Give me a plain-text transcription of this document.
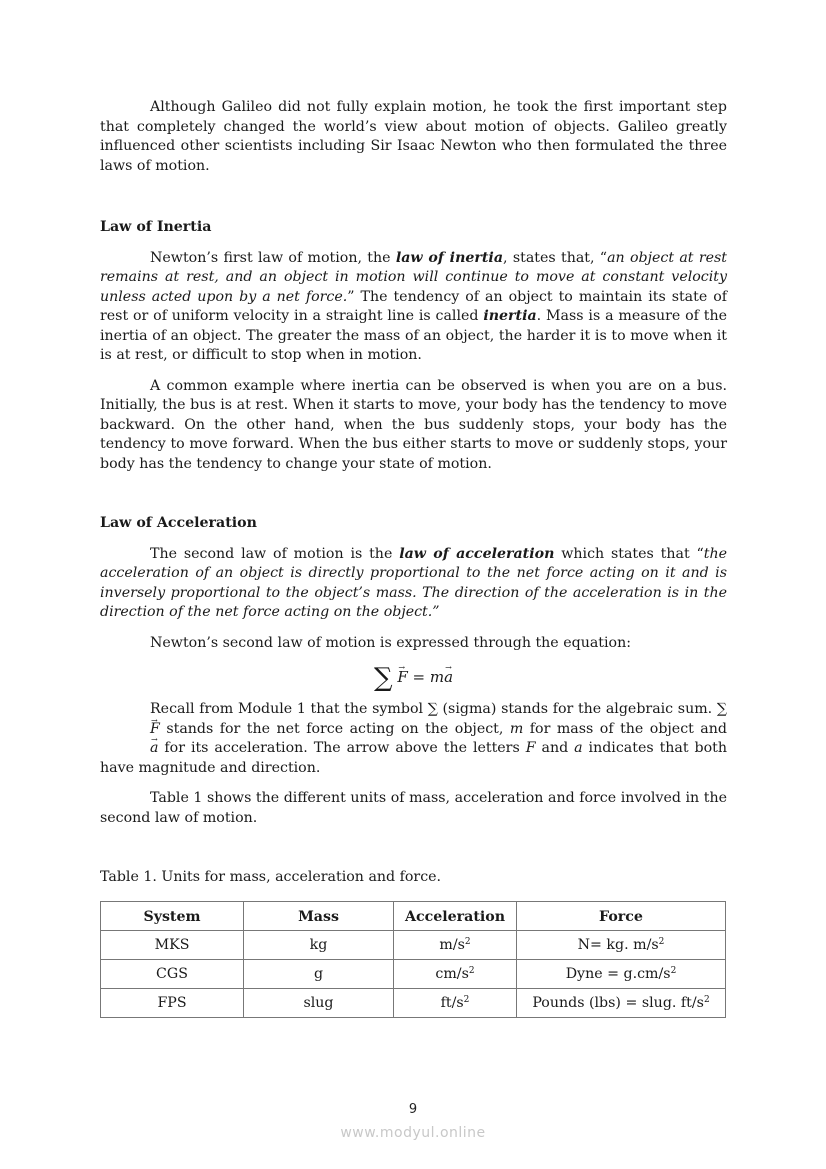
Although Galileo did not fully explain motion, he took the first important step that completely changed the world’s view about motion of objects. Galileo greatly influenced other scientists including Sir Isaac Newton who then formulated the three laws of motion.

Law of Inertia

Newton’s first law of motion, the law of inertia, states that, “an object at rest remains at rest, and an object in motion will continue to move at constant velocity unless acted upon by a net force.” The tendency of an object to maintain its state of rest or of uniform velocity in a straight line is called inertia. Mass is a measure of the inertia of an object. The greater the mass of an object, the harder it is to move when it is at rest, or difficult to stop when in motion.

A common example where inertia can be observed is when you are on a bus. Initially, the bus is at rest. When it starts to move, your body has the tendency to move backward. On the other hand, when the bus suddenly stops, your body has the tendency to move forward. When the bus either starts to move or suddenly stops, your body has the tendency to change your state of motion.

Law of Acceleration

The second law of motion is the law of acceleration which states that “the acceleration of an object is directly proportional to the net force acting on it and is inversely proportional to the object’s mass. The direction of the acceleration is in the direction of the net force acting on the object.”

Newton’s second law of motion is expressed through the equation:

∑ → F = m→ a

Recall from Module 1 that the symbol ∑ (sigma) stands for the algebraic sum. ∑→ F stands for the net force acting on the object, m for mass of the object and → a for its acceleration. The arrow above the letters F and a indicates that both have magnitude and direction.

Table 1 shows the different units of mass, acceleration and force involved in the second law of motion.

Table 1. Units for mass, acceleration and force.

System	Mass	Acceleration	Force
MKS	kg	$m/s^2$	N= kg. $m/s^2$
CGS	g	$cm/s^2$	Dyne = $g.cm/s^2$
FPS	slug	$ft/s^2$	Pounds (lbs) = slug. $ft/s^2$
9
www.modyul.online
